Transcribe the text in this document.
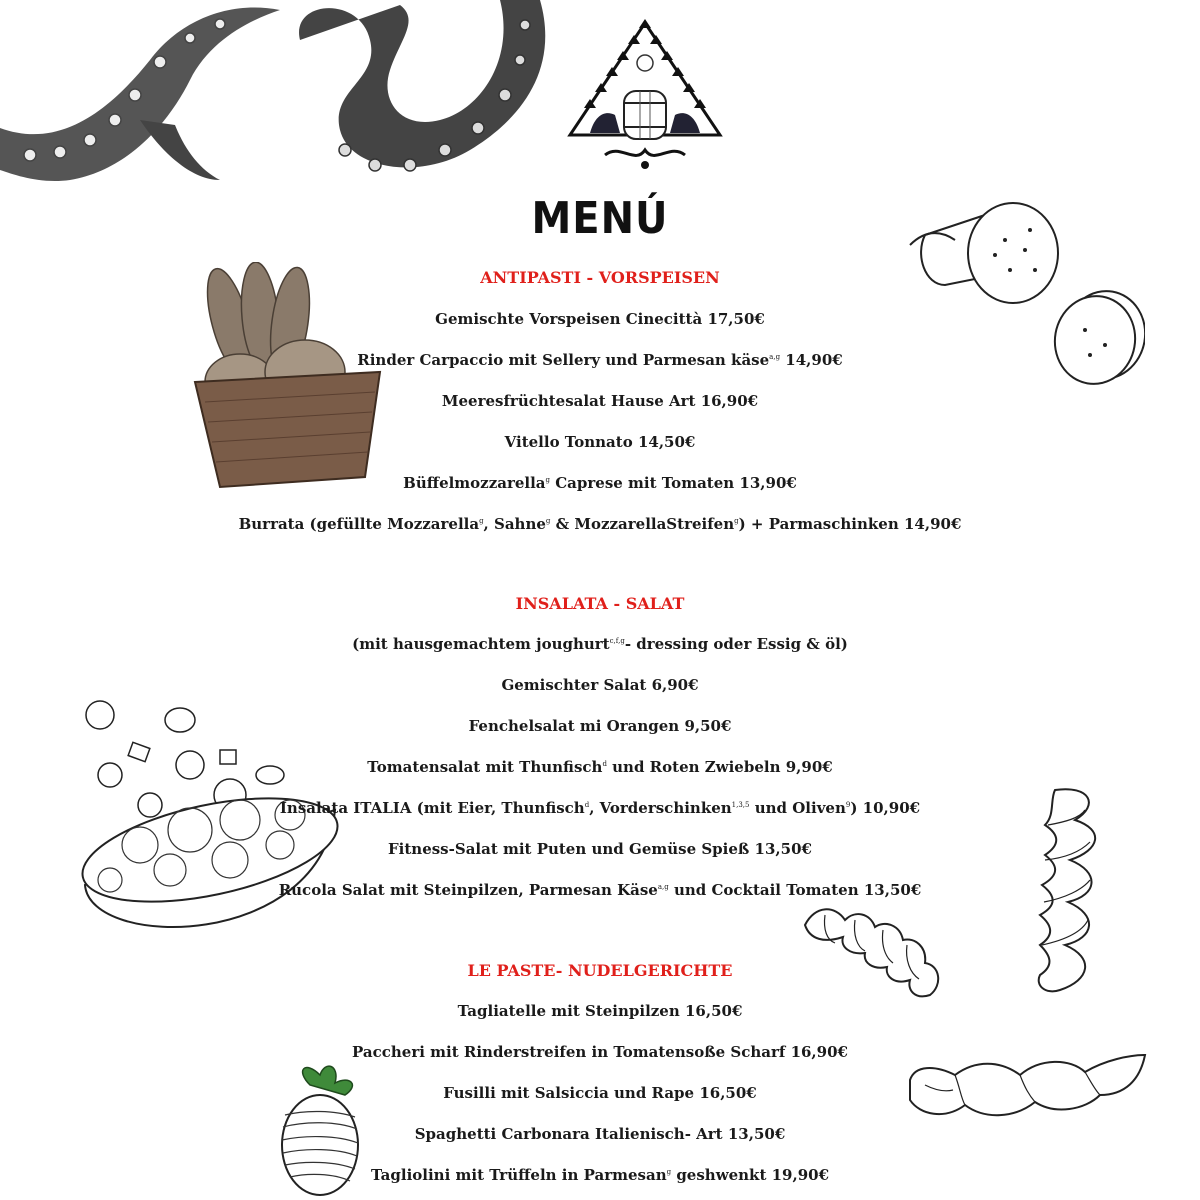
MENÚ
ANTIPASTI - VORSPEISEN

Gemischte Vorspeisen Cinecittà 17,50€

Rinder Carpaccio mit Sellery und Parmesan käse$^{a,g}$ 14,90€

Meeresfrüchtesalat Hause Art 16,90€

Vitello Tonnato 14,50€

Büffelmozzarella$^g$ Caprese mit Tomaten 13,90€

Burrata (gefüllte Mozzarella$^g$, Sahne$^g$ & MozzarellaStreifen$^g$) + Parmaschinken 14,90€

INSALATA - SALAT

(mit hausgemachtem joughurt$^{c,f,g}$- dressing oder Essig & öl)

Gemischter Salat 6,90€

Fenchelsalat mi Orangen 9,50€

Tomatensalat mit Thunfisch$^d$ und Roten Zwiebeln 9,90€

Insalata ITALIA (mit Eier, Thunfisch$^d$, Vorderschinken$^{1,3,5}$ und Oliven$^9$) 10,90€

Fitness-Salat mit Puten und Gemüse Spieß 13,50€

Rucola Salat mit Steinpilzen, Parmesan Käse$^{a,g}$ und Cocktail Tomaten 13,50€

LE PASTE- NUDELGERICHTE

Tagliatelle mit Steinpilzen 16,50€

Paccheri mit Rinderstreifen in Tomatensoße Scharf 16,90€

Fusilli mit Salsiccia und Rape 16,50€

Spaghetti Carbonara Italienisch- Art 13,50€

Tagliolini mit Trüffeln in Parmesan$^g$ geshwenkt 19,90€
